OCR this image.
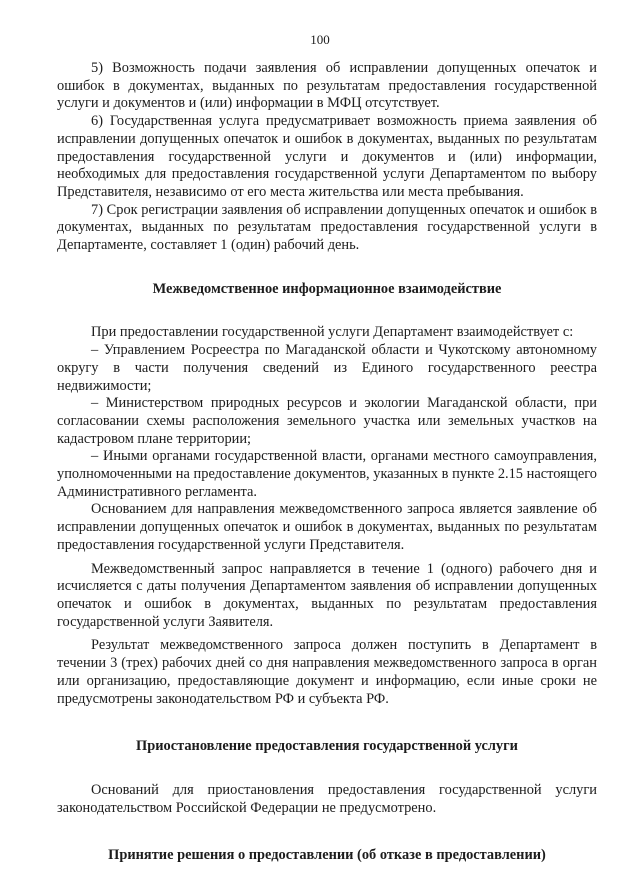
100

5) Возможность подачи заявления об исправлении допущенных опечаток и ошибок в документах, выданных по результатам предоставления государственной услуги и документов и (или) информации в МФЦ отсутствует.

6) Государственная услуга предусматривает возможность приема заявления об исправлении допущенных опечаток и ошибок в документах, выданных по результатам предоставления государственной услуги и документов и (или) информации, необходимых для предоставления государственной услуги Департаментом по выбору Представителя, независимо от его места жительства или места пребывания.

7) Срок регистрации заявления об исправлении допущенных опечаток и ошибок в документах, выданных по результатам предоставления государственной услуги в Департаменте, составляет 1 (один) рабочий день.

Межведомственное информационное взаимодействие

При предоставлении государственной услуги Департамент взаимодействует с:

– Управлением Росреестра по Магаданской области и Чукотскому автономному округу в части получения сведений из Единого государственного реестра недвижимости;

– Министерством природных ресурсов и экологии Магаданской области, при согласовании схемы расположения земельного участка или земельных участков на кадастровом плане территории;

– Иными органами государственной власти, органами местного самоуправления, уполномоченными на предоставление документов, указанных в пункте 2.15 настоящего Административного регламента.

Основанием для направления межведомственного запроса является заявление об исправлении допущенных опечаток и ошибок в документах, выданных по результатам предоставления государственной услуги Представителя.

Межведомственный запрос направляется в течение 1 (одного) рабочего дня и исчисляется с даты получения Департаментом заявления об исправлении допущенных опечаток и ошибок в документах, выданных по результатам предоставления государственной услуги Заявителя.

Результат межведомственного запроса должен поступить в Департамент в течении 3 (трех) рабочих дней со дня направления межведомственного запроса в орган или организацию, предоставляющие документ и информацию, если иные сроки не предусмотрены законодательством РФ и субъекта РФ.

Приостановление предоставления государственной услуги

Оснований для приостановления предоставления государственной услуги законодательством Российской Федерации не предусмотрено.

Принятие решения о предоставлении (об отказе в предоставлении)
